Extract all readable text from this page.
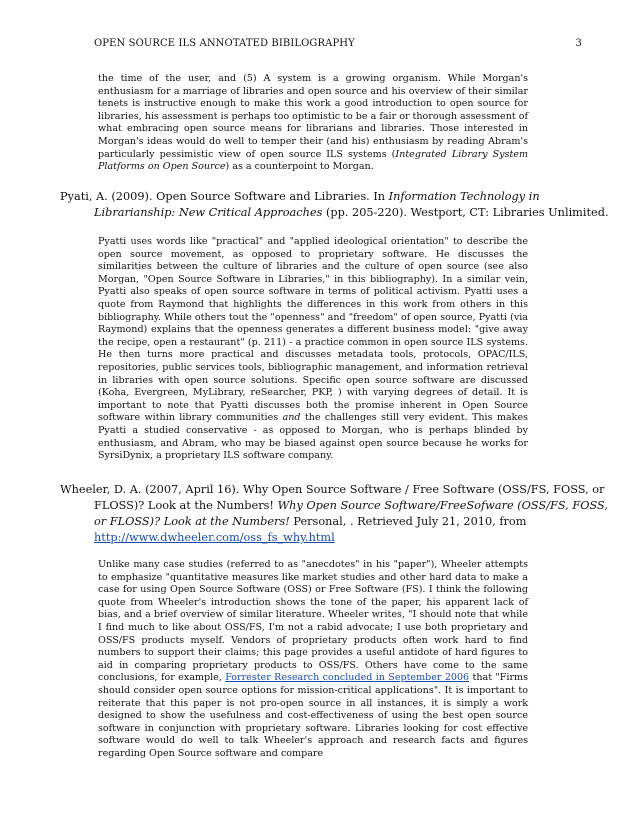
OPEN SOURCE ILS ANNOTATED BIBILOGRAPHY	3
the time of the user, and (5) A system is a growing organism. While Morgan's enthusiasm for a marriage of libraries and open source and his overview of their similar tenets is instructive enough to make this work a good introduction to open source for libraries, his assessment is perhaps too optimistic to be a fair or thorough assessment of what embracing open source means for librarians and libraries. Those interested in Morgan's ideas would do well to temper their (and his) enthusiasm by reading Abram's particularly pessimistic view of open source ILS systems (Integrated Library System Platforms on Open Source) as a counterpoint to Morgan.
Pyati, A. (2009). Open Source Software and Libraries. In Information Technology in Librarianship: New Critical Approaches (pp. 205-220). Westport, CT: Libraries Unlimited.
Pyatti uses words like "practical" and "applied ideological orientation" to describe the open source movement, as opposed to proprietary software. He discusses the similarities between the culture of libraries and the culture of open source (see also Morgan, "Open Source Software in Libraries," in this bibliography). In a similar vein, Pyatti also speaks of open source software in terms of political activism. Pyatti uses a quote from Raymond that highlights the differences in this work from others in this bibliography. While others tout the "openness" and "freedom" of open source, Pyatti (via Raymond) explains that the openness generates a different business model: "give away the recipe, open a restaurant" (p. 211) - a practice common in open source ILS systems. He then turns more practical and discusses metadata tools, protocols, OPAC/ILS, repositories, public services tools, bibliographic management, and information retrieval in libraries with open source solutions. Specific open source software are discussed (Koha, Evergreen, MyLibrary, reSearcher, PKP, ) with varying degrees of detail. It is important to note that Pyatti discusses both the promise inherent in Open Source software within library communities and the challenges still very evident. This makes Pyatti a studied conservative - as opposed to Morgan, who is perhaps blinded by enthusiasm, and Abram, who may be biased against open source because he works for SyrsiDynix, a proprietary ILS software company.
Wheeler, D. A. (2007, April 16). Why Open Source Software / Free Software (OSS/FS, FOSS, or FLOSS)? Look at the Numbers! Why Open Source Software/FreeSofware (OSS/FS, FOSS, or FLOSS)? Look at the Numbers! Personal, . Retrieved July 21, 2010, from http://www.dwheeler.com/oss_fs_why.html
Unlike many case studies (referred to as "anecdotes" in his "paper"), Wheeler attempts to emphasize "quantitative measures like market studies and other hard data to make a case for using Open Source Software (OSS) or Free Software (FS). I think the following quote from Wheeler's introduction shows the tone of the paper, his apparent lack of bias, and a brief overview of similar literature. Wheeler writes, "I should note that while I find much to like about OSS/FS, I'm not a rabid advocate; I use both proprietary and OSS/FS products myself. Vendors of proprietary products often work hard to find numbers to support their claims; this page provides a useful antidote of hard figures to aid in comparing proprietary products to OSS/FS. Others have come to the same conclusions, for example, Forrester Research concluded in September 2006 that "Firms should consider open source options for mission-critical applications". It is important to reiterate that this paper is not pro-open source in all instances, it is simply a work designed to show the usefulness and cost-effectiveness of using the best open source software in conjunction with proprietary software. Libraries looking for cost effective software would do well to talk Wheeler's approach and research facts and figures regarding Open Source software and compare
